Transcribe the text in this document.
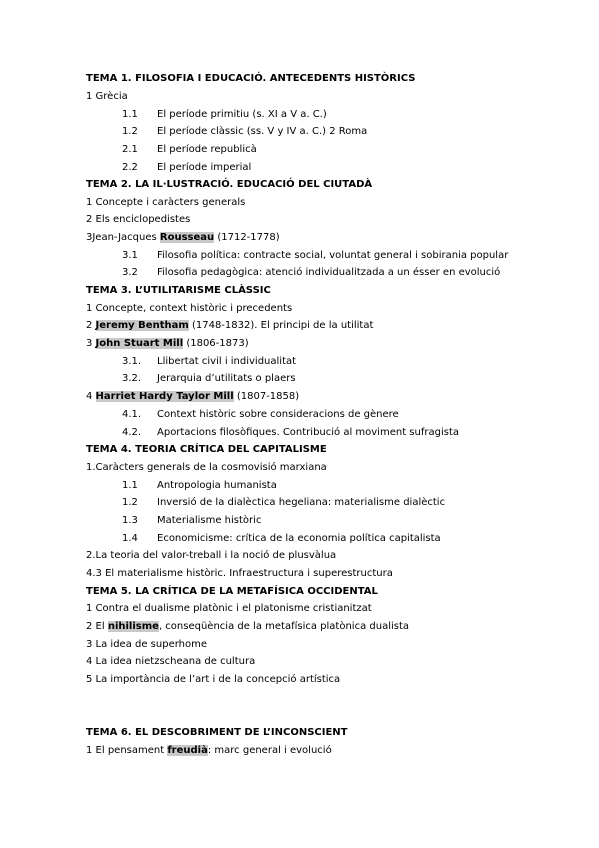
TEMA 1. FILOSOFIA I EDUCACIÓ. ANTECEDENTS HISTÒRICS
1 Grècia
1.1 El període primitiu (s. XI a V a. C.)
1.2 El període clàssic (ss. V y IV a. C.) 2 Roma
2.1 El període republicà
2.2 El període imperial
TEMA 2. LA IL·LUSTRACIÓ. EDUCACIÓ DEL CIUTADÀ
1 Concepte i caràcters generals
2 Els enciclopedistes
3Jean-Jacques Rousseau (1712-1778)
3.1 Filosofia política: contracte social, voluntat general i sobirania popular
3.2 Filosofia pedagògica: atenció individualitzada a un ésser en evolució
TEMA 3. L’UTILITARISME CLÀSSIC
1 Concepte, context històric i precedents
2 Jeremy Bentham (1748-1832). El principi de la utilitat
3 John Stuart Mill (1806-1873)
3.1. Llibertat civil i individualitat
3.2. Jerarquia d’utilitats o plaers
4 Harriet Hardy Taylor Mill (1807-1858)
4.1. Context històric sobre consideracions de gènere
4.2. Aportacions filosòfiques. Contribució al moviment sufragista
TEMA 4. TEORIA CRÍTICA DEL CAPITALISME
1.Caràcters generals de la cosmovisió marxiana
1.1 Antropologia humanista
1.2 Inversió de la dialèctica hegeliana: materialisme dialèctic
1.3 Materialisme històric
1.4 Economicisme: crítica de la economia política capitalista
2.La teoria del valor-treball i la noció de plusvàlua
4.3 El materialisme històric. Infraestructura i superestructura
TEMA 5. LA CRÍTICA DE LA METAFÍSICA OCCIDENTAL
1 Contra el dualisme platònic i el platonisme cristianitzat
2 El nihilisme, conseqüència de la metafísica platònica dualista
3 La idea de superhome
4 La idea nietzscheana de cultura
5 La importància de l’art i de la concepció artística
TEMA 6. EL DESCOBRIMENT DE L’INCONSCIENT
1 El pensament freudià: marc general i evolució
